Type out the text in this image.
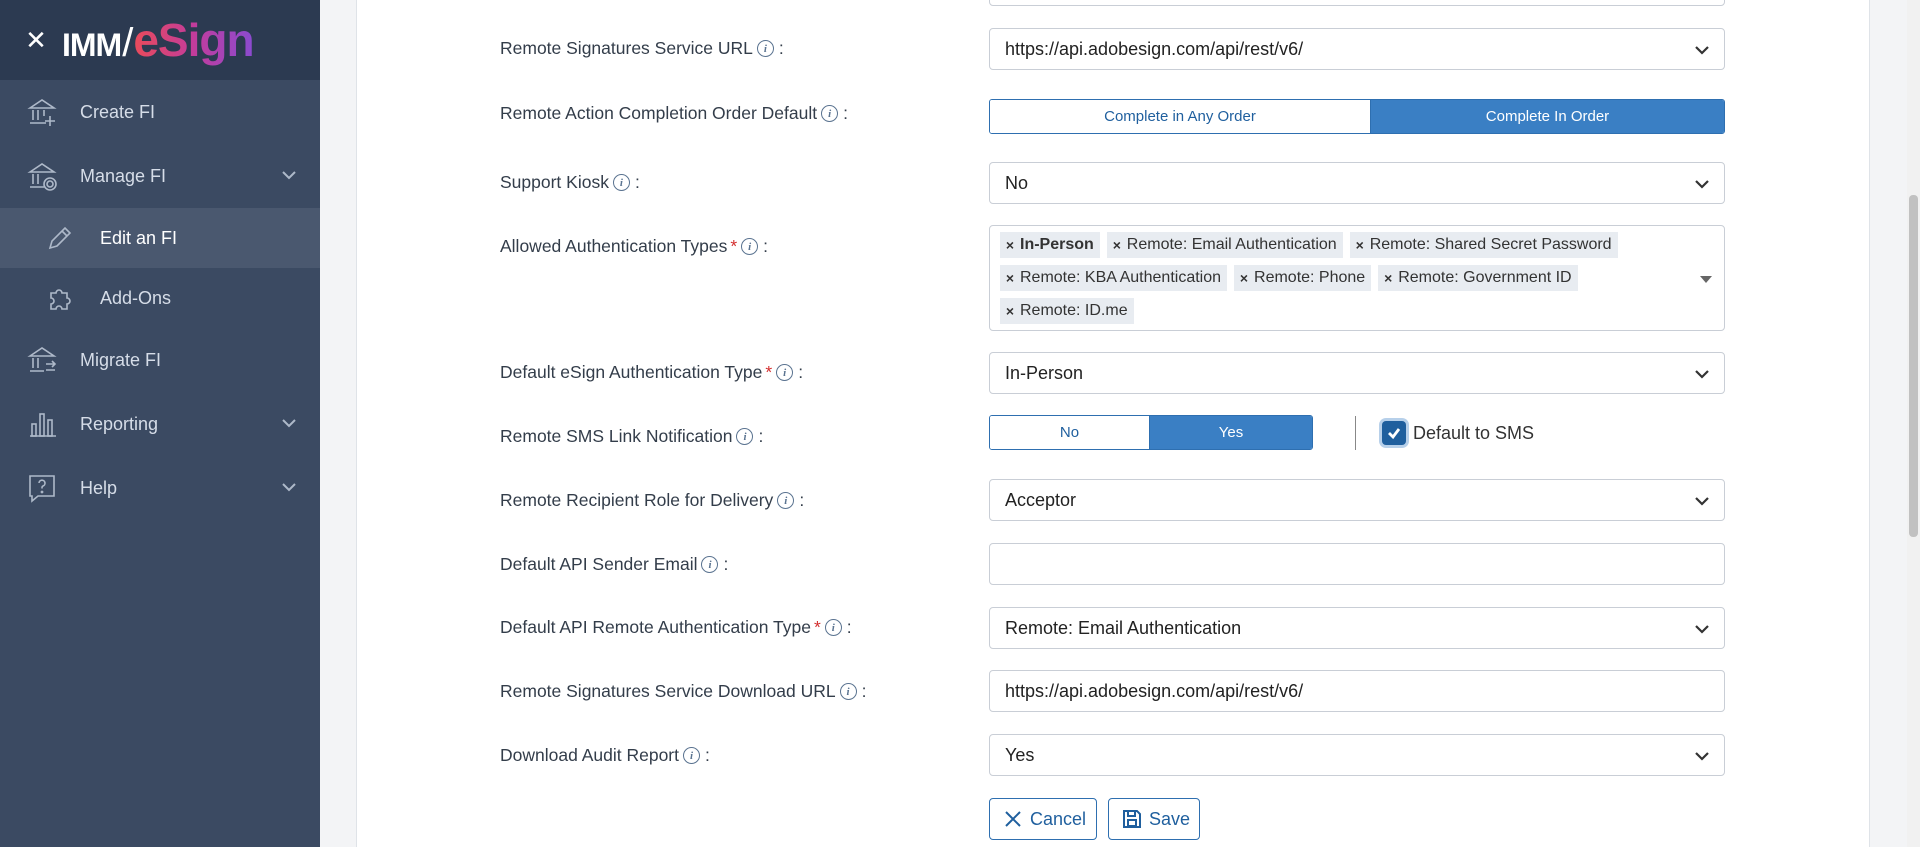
✕ IMM / eSign
Create FI
Manage FI
Edit an FI
Add-Ons
Migrate FI
Reporting
Help
Remote Signatures Service URL i :	https://api.adobesign.com/api/rest/v6/
Remote Action Completion Order Default i :	Complete in Any Order	Complete In Order
Support Kiosk i :	No
Allowed Authentication Types * i :	× In-Person	× Remote: Email Authentication	× Remote: Shared Secret Password
× Remote: KBA Authentication	× Remote: Phone	× Remote: Government ID
× Remote: ID.me
Default eSign Authentication Type * i :	In-Person
Remote SMS Link Notification i :	No	Yes	Default to SMS
Remote Recipient Role for Delivery i :	Acceptor
Default API Sender Email i :
Default API Remote Authentication Type * i :	Remote: Email Authentication
Remote Signatures Service Download URL i :	https://api.adobesign.com/api/rest/v6/
Download Audit Report i :	Yes
Cancel	Save
